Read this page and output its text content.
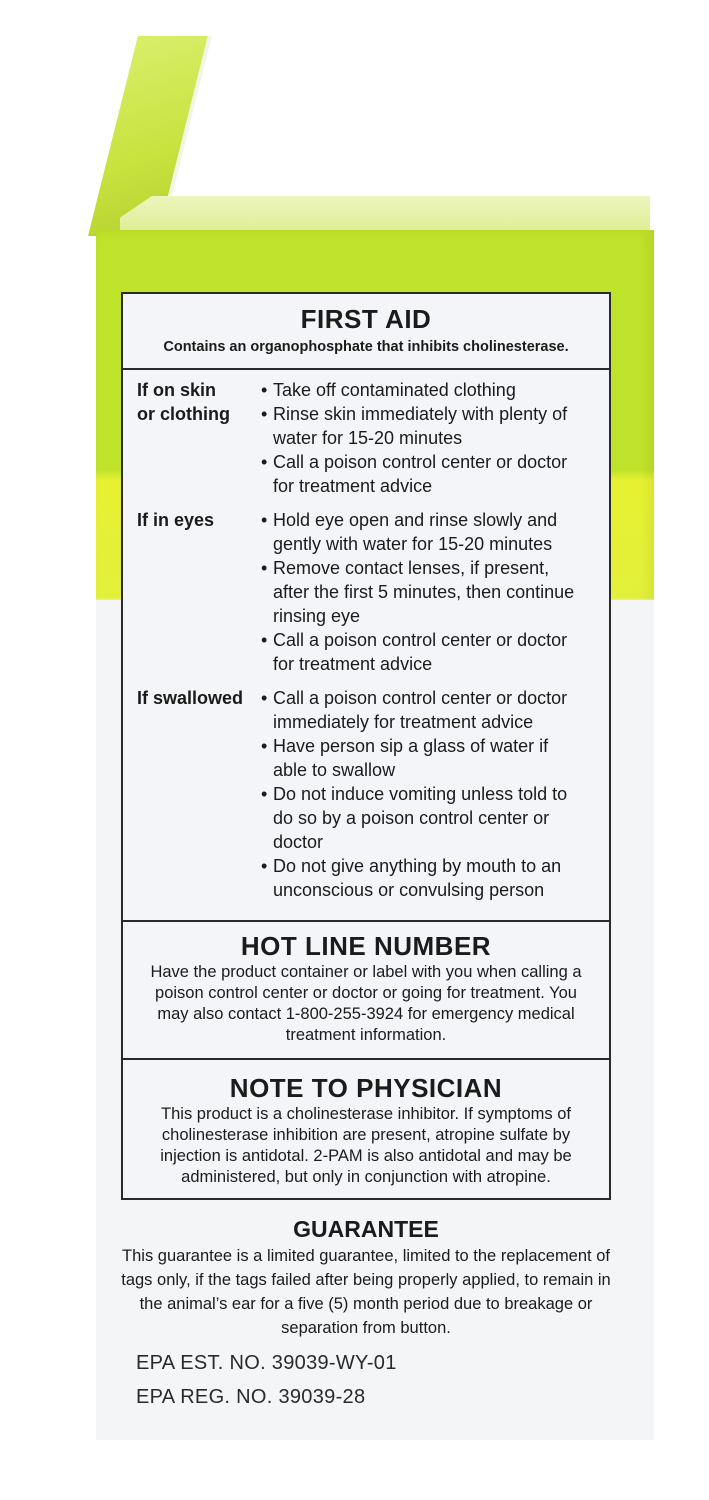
FIRST AID
Contains an organophosphate that inhibits cholinesterase.
If on skin
or clothing
• Take off contaminated clothing
• Rinse skin immediately with plenty of
water for 15-20 minutes
• Call a poison control center or doctor
for treatment advice
If in eyes	• Hold eye open and rinse slowly and
gently with water for 15-20 minutes
• Remove contact lenses, if present,
after the first 5 minutes, then continue
rinsing eye
• Call a poison control center or doctor
for treatment advice
If swallowed • Call a poison control center or doctor
immediately for treatment advice
• Have person sip a glass of water if
able to swallow
• Do not induce vomiting unless told to
do so by a poison control center or
doctor
• Do not give anything by mouth to an
unconscious or convulsing person
HOT LINE NUMBER
Have the product container or label with you when calling a poison control center or doctor or going for treatment. You may also contact 1-800-255-3924 for emergency medical treatment information.
NOTE TO PHYSICIAN
This product is a cholinesterase inhibitor. If symptoms of cholinesterase inhibition are present, atropine sulfate by injection is antidotal. 2-PAM is also antidotal and may be administered, but only in conjunction with atropine.
GUARANTEE
This guarantee is a limited guarantee, limited to the replacement of tags only, if the tags failed after being properly applied, to remain in the animal’s ear for a five (5) month period due to breakage or separation from button.
EPA EST. NO. 39039-WY-01
EPA REG. NO. 39039-28
